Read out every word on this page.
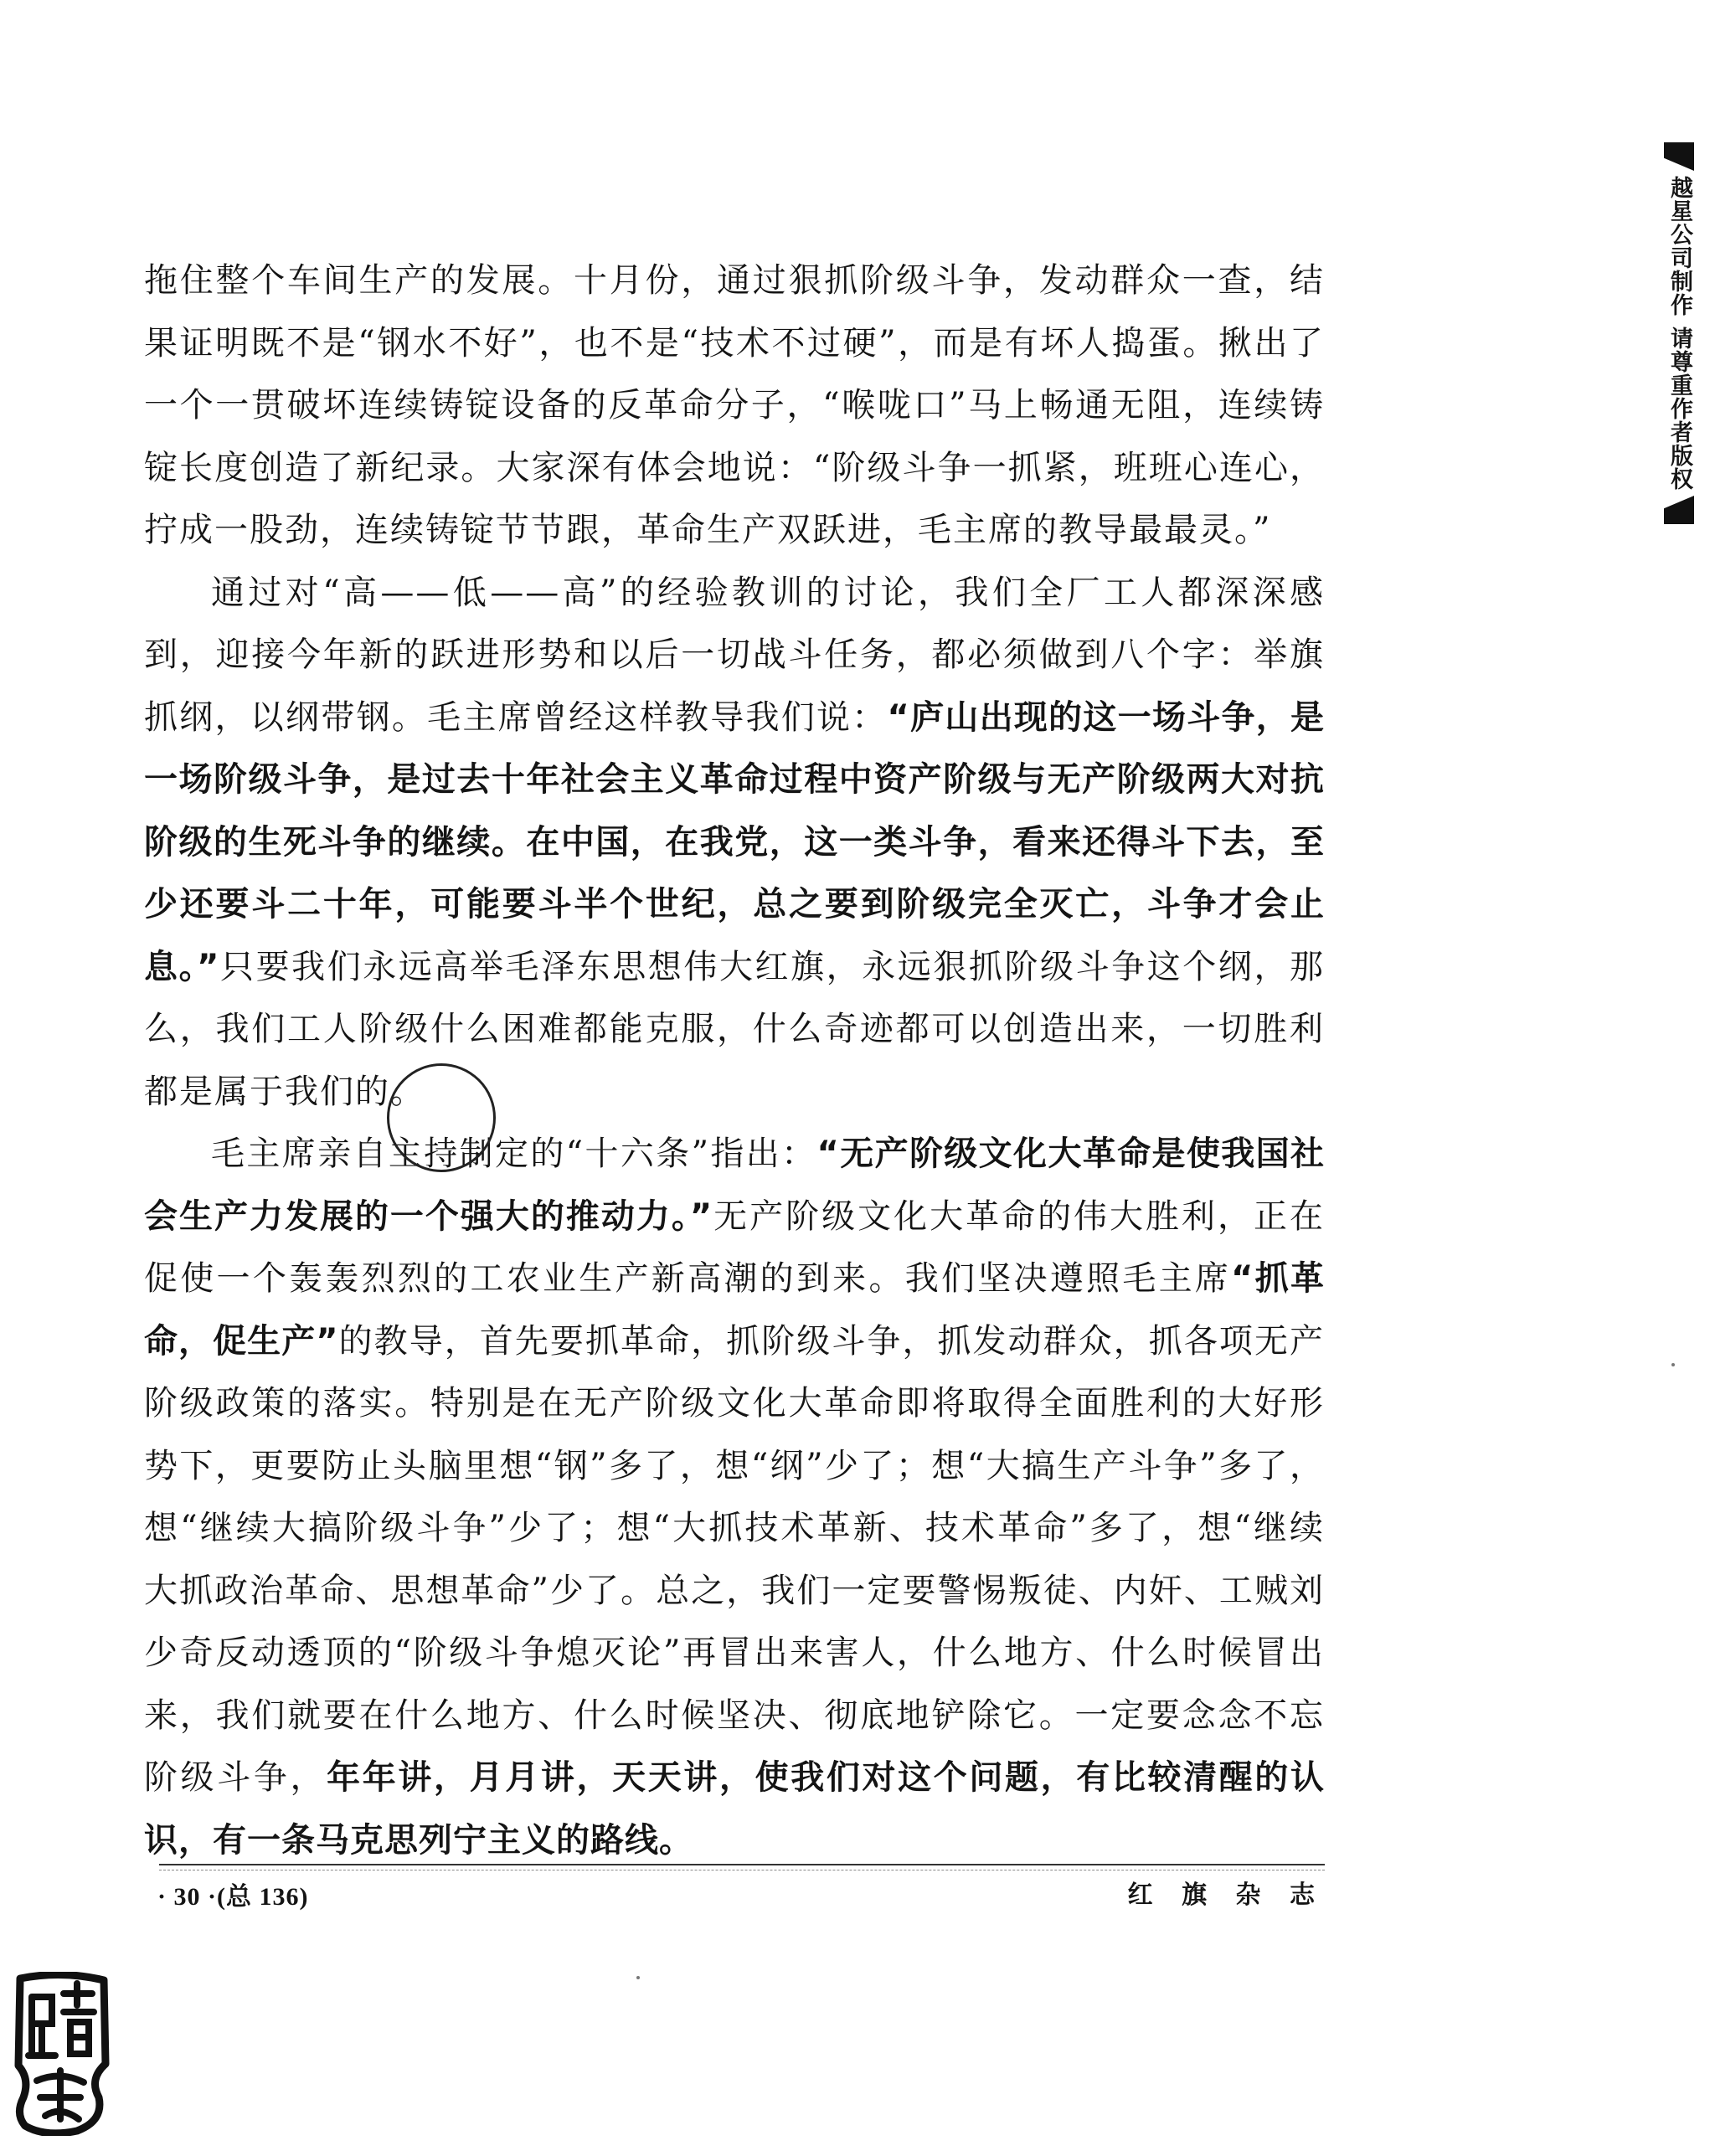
拖住整个车间生产的发展。十月份，通过狠抓阶级斗争，发动群众一查，结果证明既不是“钢水不好”，也不是“技术不过硬”，而是有坏人捣蛋。揪出了一个一贯破坏连续铸锭设备的反革命分子，“喉咙口”马上畅通无阻，连续铸锭长度创造了新纪录。大家深有体会地说：“阶级斗争一抓紧，班班心连心，拧成一股劲，连续铸锭节节跟，革命生产双跃进，毛主席的教导最最灵。”

通过对“高——低——高”的经验教训的讨论，我们全厂工人都深深感到，迎接今年新的跃进形势和以后一切战斗任务，都必须做到八个字：举旗抓纲，以纲带钢。毛主席曾经这样教导我们说：“庐山出现的这一场斗争，是一场阶级斗争，是过去十年社会主义革命过程中资产阶级与无产阶级两大对抗阶级的生死斗争的继续。在中国，在我党，这一类斗争，看来还得斗下去，至少还要斗二十年，可能要斗半个世纪，总之要到阶级完全灭亡，斗争才会止息。”只要我们永远高举毛泽东思想伟大红旗，永远狠抓阶级斗争这个纲，那么，我们工人阶级什么困难都能克服，什么奇迹都可以创造出来，一切胜利都是属于我们的。

毛主席亲自主持制定的“十六条”指出：“无产阶级文化大革命是使我国社会生产力发展的一个强大的推动力。”无产阶级文化大革命的伟大胜利，正在促使一个轰轰烈烈的工农业生产新高潮的到来。我们坚决遵照毛主席“抓革命，促生产”的教导，首先要抓革命，抓阶级斗争，抓发动群众，抓各项无产阶级政策的落实。特别是在无产阶级文化大革命即将取得全面胜利的大好形势下，更要防止头脑里想“钢”多了，想“纲”少了；想“大搞生产斗争”多了，想“继续大搞阶级斗争”少了；想“大抓技术革新、技术革命”多了，想“继续大抓政治革命、思想革命”少了。总之，我们一定要警惕叛徒、内奸、工贼刘少奇反动透顶的“阶级斗争熄灭论”再冒出来害人，什么地方、什么时候冒出来，我们就要在什么地方、什么时候坚决、彻底地铲除它。一定要念念不忘阶级斗争，年年讲，月月讲，天天讲，使我们对这个问题，有比较清醒的认识，有一条马克思列宁主义的路线。

· 30 ·(总 136)	红 旗 杂 志
越星公司制作
请尊重作者版权
